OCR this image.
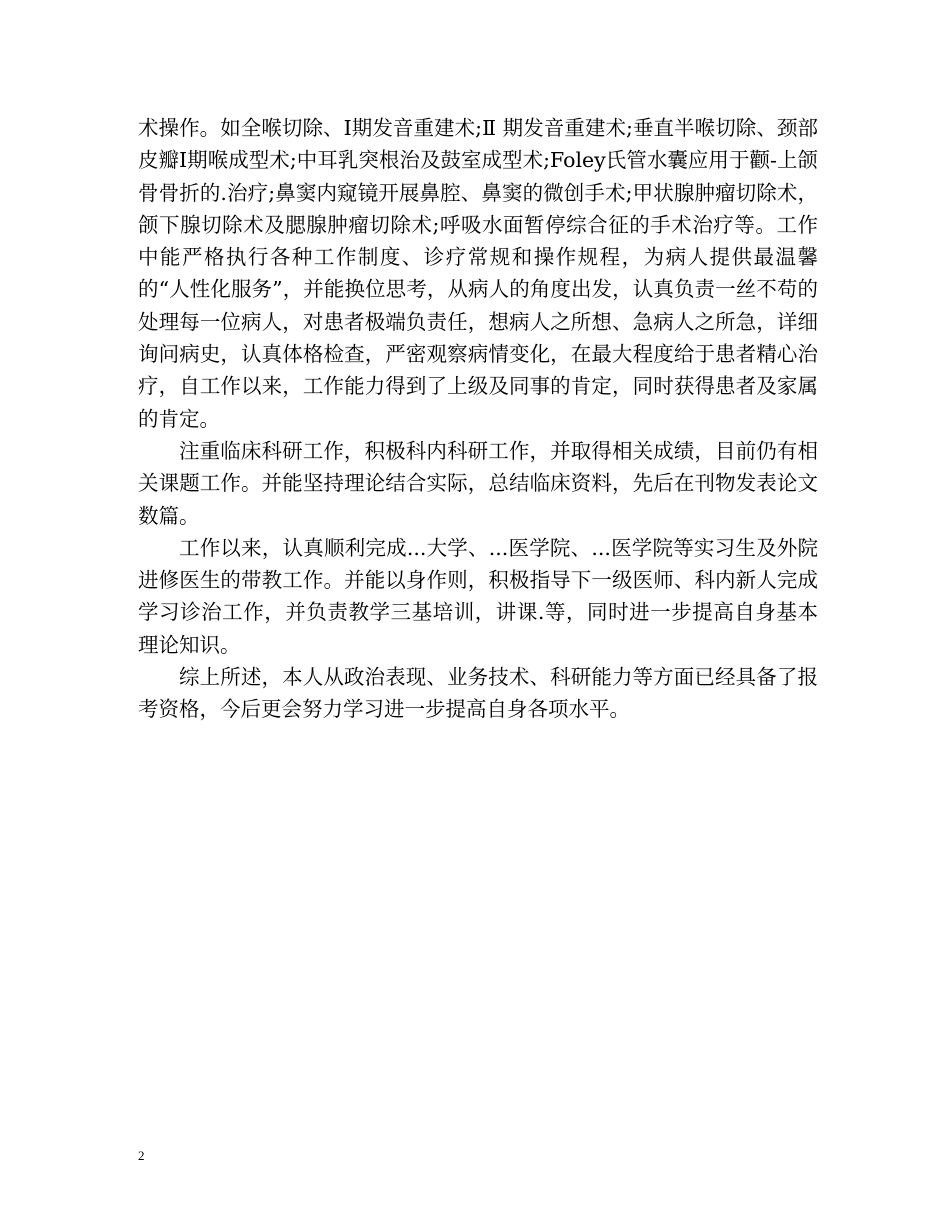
术操作。如全喉切除、Ⅰ期发音重建术;Ⅱ 期发音重建术;垂直半喉切除、颈部皮瓣Ⅰ期喉成型术;中耳乳突根治及鼓室成型术;Foley氏管水囊应用于颧-上颌骨骨折的.治疗;鼻窦内窥镜开展鼻腔、鼻窦的微创手术;甲状腺肿瘤切除术，颌下腺切除术及腮腺肿瘤切除术;呼吸水面暂停综合征的手术治疗等。工作中能严格执行各种工作制度、诊疗常规和操作规程，为病人提供最温馨的“人性化服务”，并能换位思考，从病人的角度出发，认真负责一丝不苟的处理每一位病人，对患者极端负责任，想病人之所想、急病人之所急，详细询问病史，认真体格检查，严密观察病情变化，在最大程度给于患者精心治疗，自工作以来，工作能力得到了上级及同事的肯定，同时获得患者及家属的肯定。

注重临床科研工作，积极科内科研工作，并取得相关成绩，目前仍有相关课题工作。并能坚持理论结合实际，总结临床资料，先后在刊物发表论文数篇。

工作以来，认真顺利完成...大学、...医学院、...医学院等实习生及外院进修医生的带教工作。并能以身作则，积极指导下一级医师、科内新人完成学习诊治工作，并负责教学三基培训，讲课.等，同时进一步提高自身基本理论知识。

综上所述，本人从政治表现、业务技术、科研能力等方面已经具备了报考资格，今后更会努力学习进一步提高自身各项水平。

2
